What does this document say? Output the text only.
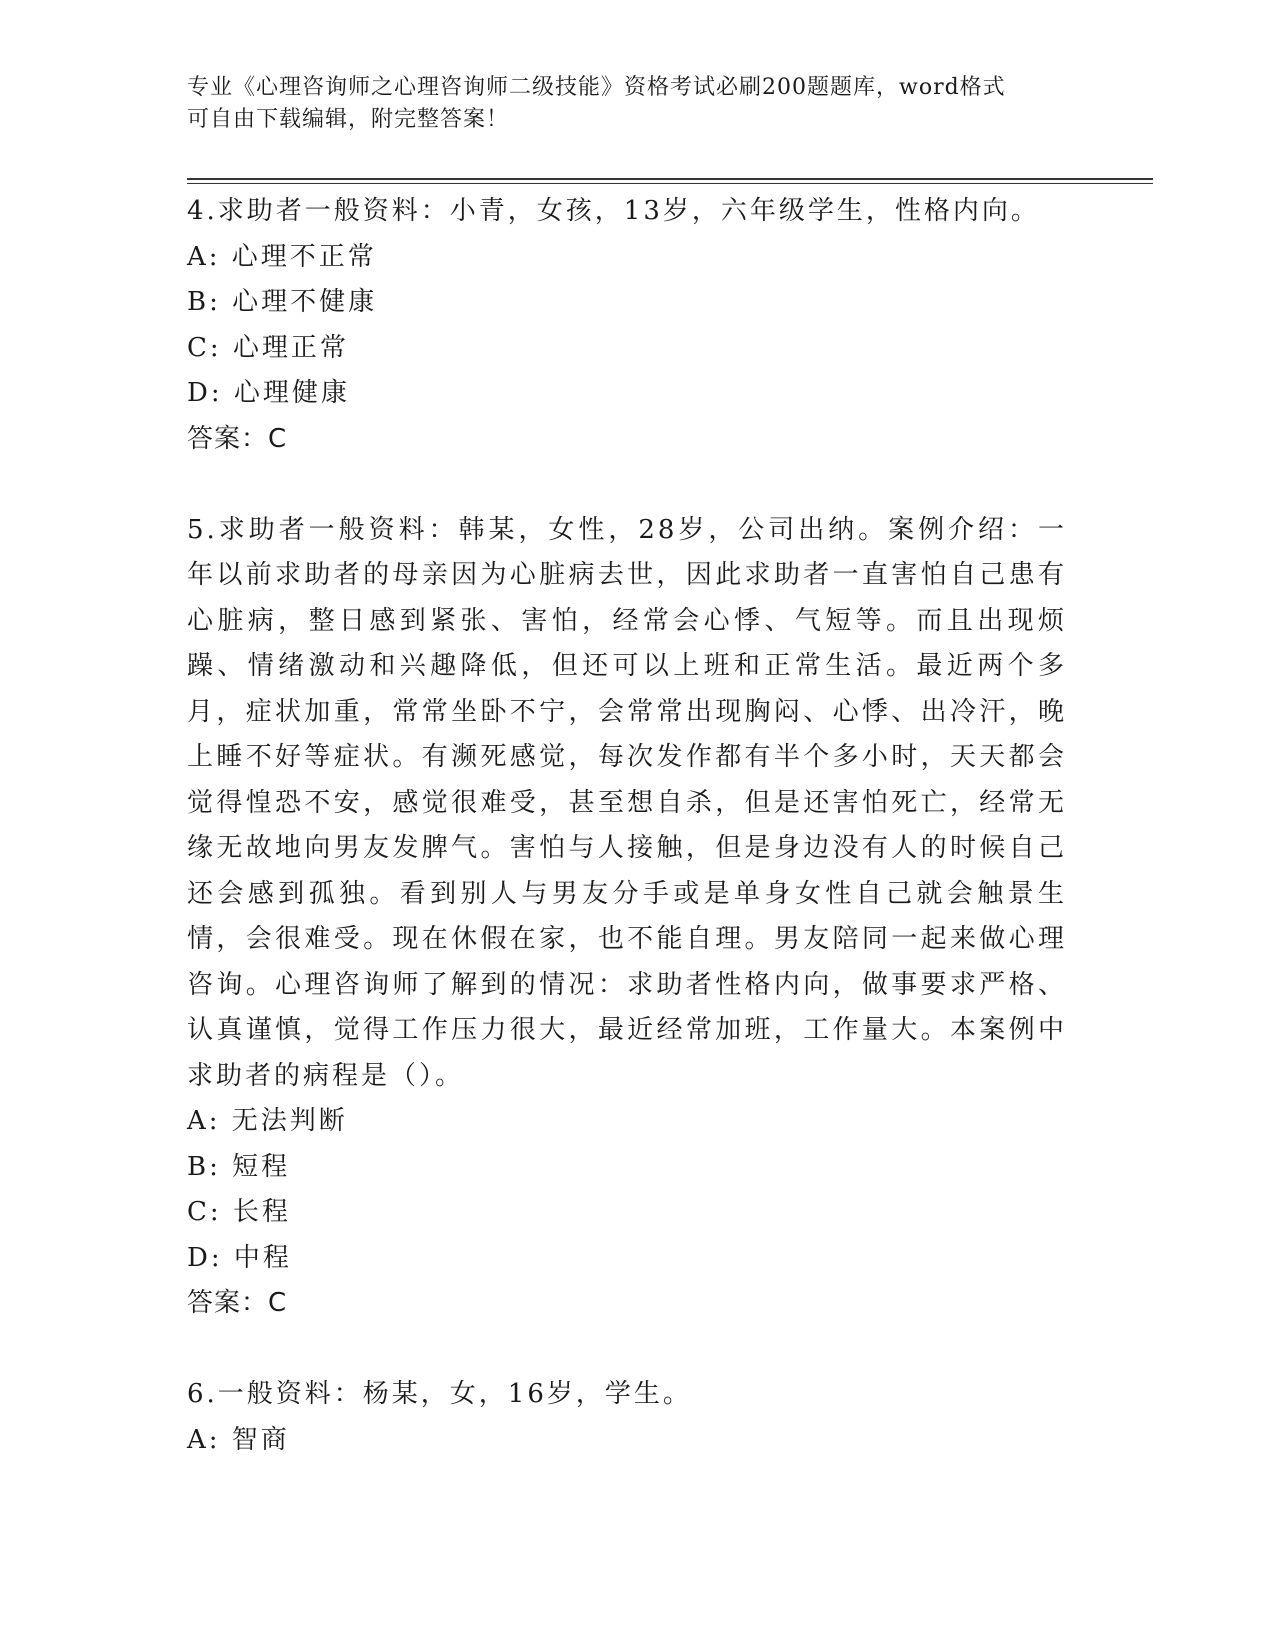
专业《心理咨询师之心理咨询师二级技能》资格考试必刷200题题库，word格式
可自由下载编辑，附完整答案！
4.求助者一般资料：小青，女孩，13岁，六年级学生，性格内向。
A: 心理不正常
B: 心理不健康
C: 心理正常
D: 心理健康
答案：C
5.求助者一般资料：韩某，女性，28岁，公司出纳。案例介绍：一年以前求助者的母亲因为心脏病去世，因此求助者一直害怕自己患有心脏病，整日感到紧张、害怕，经常会心悸、气短等。而且出现烦躁、情绪激动和兴趣降低，但还可以上班和正常生活。最近两个多月，症状加重，常常坐卧不宁，会常常出现胸闷、心悸、出冷汗，晚上睡不好等症状。有濒死感觉，每次发作都有半个多小时，天天都会觉得惶恐不安，感觉很难受，甚至想自杀，但是还害怕死亡，经常无缘无故地向男友发脾气。害怕与人接触，但是身边没有人的时候自己还会感到孤独。看到别人与男友分手或是单身女性自己就会触景生情，会很难受。现在休假在家，也不能自理。男友陪同一起来做心理咨询。心理咨询师了解到的情况：求助者性格内向，做事要求严格、认真谨慎，觉得工作压力很大，最近经常加班，工作量大。本案例中求助者的病程是（）。
A: 无法判断
B: 短程
C: 长程
D: 中程
答案：C
6.一般资料：杨某，女，16岁，学生。
A: 智商
